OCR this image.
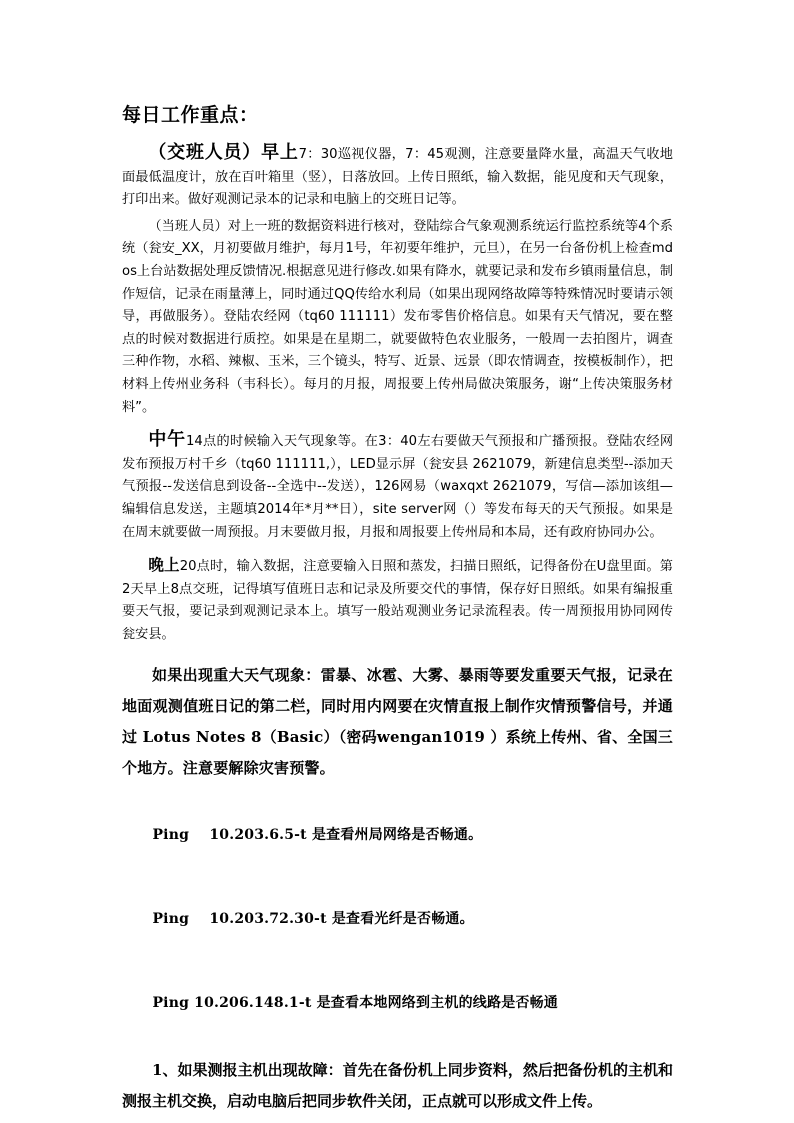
每日工作重点：

（交班人员）早上7：30巡视仪器，7：45观测，注意要量降水量，高温天气收地面最低温度计，放在百叶箱里（竖），日落放回。上传日照纸，输入数据，能见度和天气现象，打印出来。做好观测记录本的记录和电脑上的交班日记等。

（当班人员）对上一班的数据资料进行核对，登陆综合气象观测系统运行监控系统等4个系统（瓮安_XX，月初要做月维护，每月1号，年初要年维护，元旦），在另一台备份机上检查mdos上台站数据处理反馈情况.根据意见进行修改.如果有降水，就要记录和发布乡镇雨量信息，制作短信，记录在雨量薄上，同时通过QQ传给水利局（如果出现网络故障等特殊情况时要请示领导，再做服务）。登陆农经网（tq60 111111）发布零售价格信息。如果有天气情况，要在整点的时候对数据进行质控。如果是在星期二，就要做特色农业服务，一般周一去拍图片，调查三种作物，水稻、辣椒、玉米，三个镜头，特写、近景、远景（即农情调查，按模板制作），把材料上传州业务科（韦科长）。每月的月报，周报要上传州局做决策服务，谢“上传决策服务材料”。

中午14点的时候输入天气现象等。在3：40左右要做天气预报和广播预报。登陆农经网发布预报万村千乡（tq60 111111,），LED显示屏（瓮安县 2621079，新建信息类型--添加天气预报--发送信息到设备--全选中--发送），126网易（waxqxt 2621079，写信—添加该组—编辑信息发送，主题填2014年*月**日），site server网（）等发布每天的天气预报。如果是在周末就要做一周预报。月末要做月报，月报和周报要上传州局和本局，还有政府协同办公。

晚上20点时，输入数据，注意要输入日照和蒸发，扫描日照纸，记得备份在U盘里面。第2天早上8点交班，记得填写值班日志和记录及所要交代的事情，保存好日照纸。如果有编报重要天气报，要记录到观测记录本上。填写一般站观测业务记录流程表。传一周预报用协同网传瓮安县。

如果出现重大天气现象：雷暴、冰雹、大雾、暴雨等要发重要天气报，记录在地面观测值班日记的第二栏，同时用内网要在灾情直报上制作灾情预警信号，并通过 Lotus Notes 8（Basic）（密码wengan1019 ）系统上传州、省、全国三个地方。注意要解除灾害预警。

Ping    10.203.6.5-t 是查看州局网络是否畅通。

Ping    10.203.72.30-t 是查看光纤是否畅通。

Ping 10.206.148.1-t 是查看本地网络到主机的线路是否畅通

1、如果测报主机出现故障：首先在备份机上同步资料，然后把备份机的主机和测报主机交换，启动电脑后把同步软件关闭，正点就可以形成文件上传。
